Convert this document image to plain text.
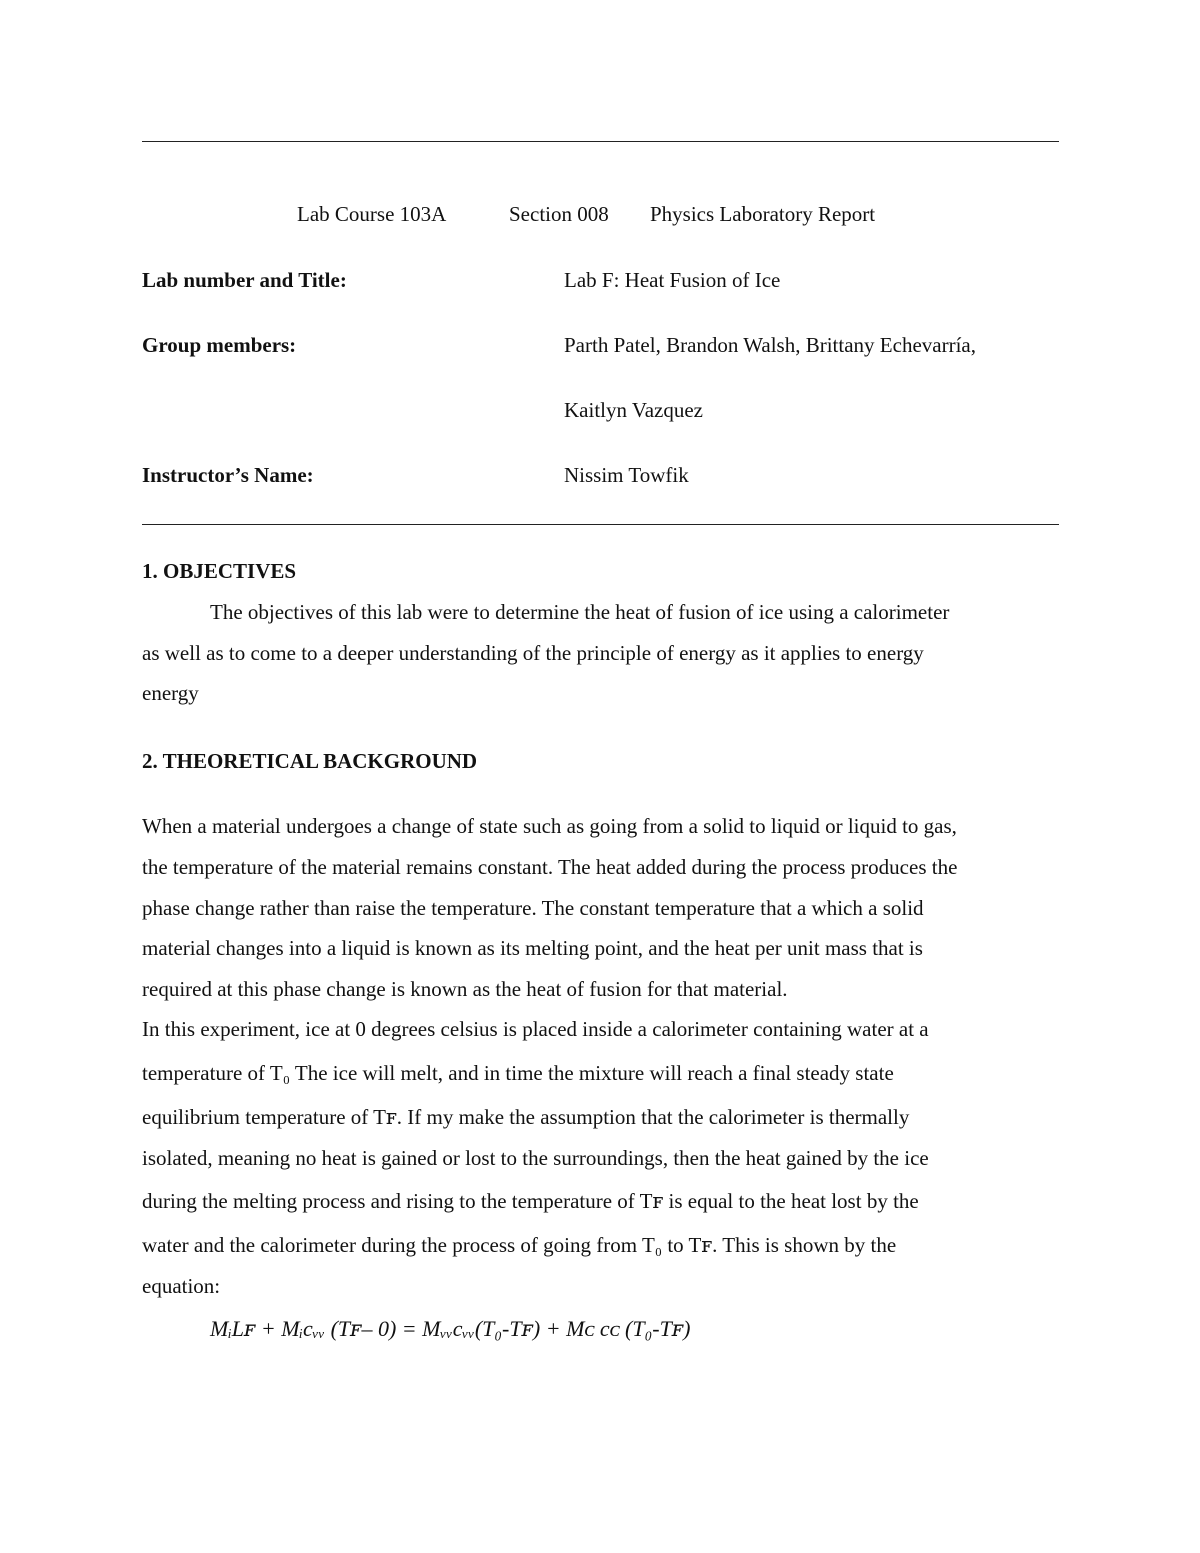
Lab Course 103A	Section 008 Physics Laboratory Report
Lab number and Title:	Lab F: Heat Fusion of Ice
Group members:	Parth Patel, Brandon Walsh, Brittany Echevarría,
Kaitlyn Vazquez
Instructor’s Name:	Nissim Towfik
1. OBJECTIVES
The objectives of this lab were to determine the heat of fusion of ice using a calorimeter
as well as to come to a deeper understanding of the principle of energy as it applies to energy
energy
2. THEORETICAL BACKGROUND
When a material undergoes a change of state such as going from a solid to liquid or liquid to gas,
the temperature of the material remains constant. The heat added during the process produces the
phase change rather than raise the temperature. The constant temperature that a which a solid
material changes into a liquid is known as its melting point, and the heat per unit mass that is
required at this phase change is known as the heat of fusion for that material.
In this experiment, ice at 0 degrees celsius is placed inside a calorimeter containing water at a
temperature of T₀ The ice will melt, and in time the mixture will reach a final steady state
equilibrium temperature of Tꜰ. If my make the assumption that the calorimeter is thermally
isolated, meaning no heat is gained or lost to the surroundings, then the heat gained by the ice
during the melting process and rising to the temperature of Tꜰ is equal to the heat lost by the
water and the calorimeter during the process of going from T₀ to Tꜰ. This is shown by the
equation:
MᵢLꜰ + Mᵢcᵥᵥ (Tꜰ– 0) = Mᵥᵥcᵥᵥ(T₀-Tꜰ) + Mᴄ cᴄ (T₀-Tꜰ)
